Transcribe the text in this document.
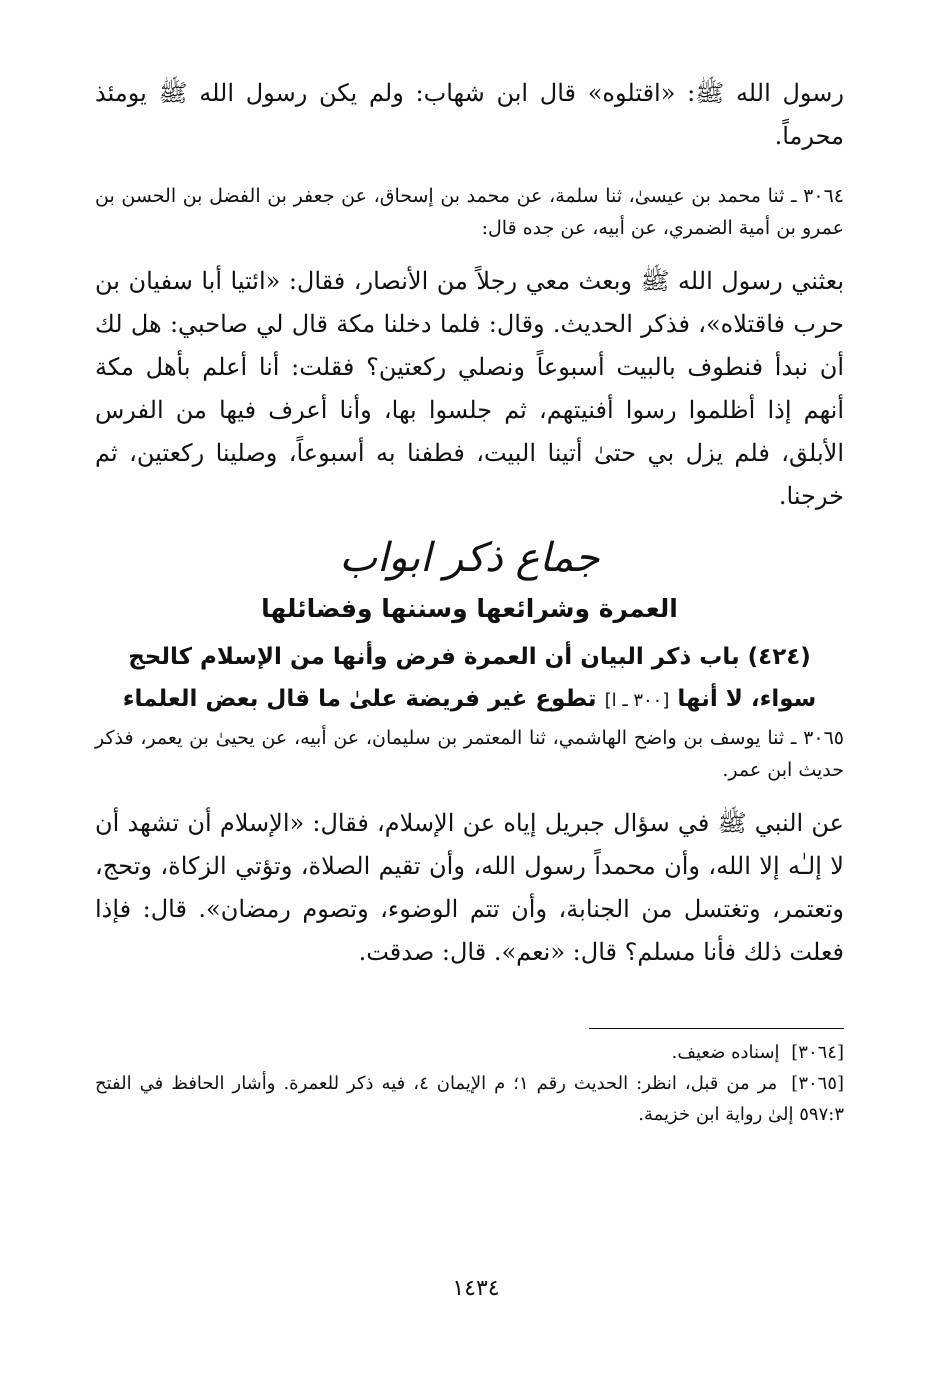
رسول الله ﷺ: «اقتلوه» قال ابن شهاب: ولم يكن رسول الله ﷺ يومئذ محرماً.

٣٠٦٤ ـ ثنا محمد بن عيسىٰ، ثنا سلمة، عن محمد بن إسحاق، عن جعفر بن الفضل بن الحسن بن عمرو بن أمية الضمري، عن أبيه، عن جده قال:

بعثني رسول الله ﷺ وبعث معي رجلاً من الأنصار، فقال: «ائتيا أبا سفيان بن حرب فاقتلاه»، فذكر الحديث. وقال: فلما دخلنا مكة قال لي صاحبي: هل لك أن نبدأ فنطوف بالبيت أسبوعاً ونصلي ركعتين؟ فقلت: أنا أعلم بأهل مكة أنهم إذا أظلموا رسوا أفنيتهم، ثم جلسوا بها، وأنا أعرف فيها من الفرس الأبلق، فلم يزل بي حتىٰ أتينا البيت، فطفنا به أسبوعاً، وصلينا ركعتين، ثم خرجنا.

جماع ذكر ابواب
العمرة وشرائعها وسننها وفضائلها
(٤٢٤) باب ذكر البيان أن العمرة فرض وأنها من الإسلام كالحج
سواء، لا أنها [٣٠٠ ـ ا] تطوع غير فريضة علىٰ ما قال بعض العلماء

٣٠٦٥ ـ ثنا يوسف بن واضح الهاشمي، ثنا المعتمر بن سليمان، عن أبيه، عن يحيىٰ بن يعمر، فذكر حديث ابن عمر.

عن النبي ﷺ في سؤال جبريل إياه عن الإسلام، فقال: «الإسلام أن تشهد أن لا إلـٰه إلا الله، وأن محمداً رسول الله، وأن تقيم الصلاة، وتؤتي الزكاة، وتحج، وتعتمر، وتغتسل من الجنابة، وأن تتم الوضوء، وتصوم رمضان». قال: فإذا فعلت ذلك فأنا مسلم؟ قال: «نعم». قال: صدقت.

[٣٠٦٤] إسناده ضعيف.

[٣٠٦٥] مر من قبل، انظر: الحديث رقم ١؛ م الإيمان ٤، فيه ذكر للعمرة. وأشار الحافظ في الفتح ٥٩٧:٣ إلىٰ رواية ابن خزيمة.

١٤٣٤
